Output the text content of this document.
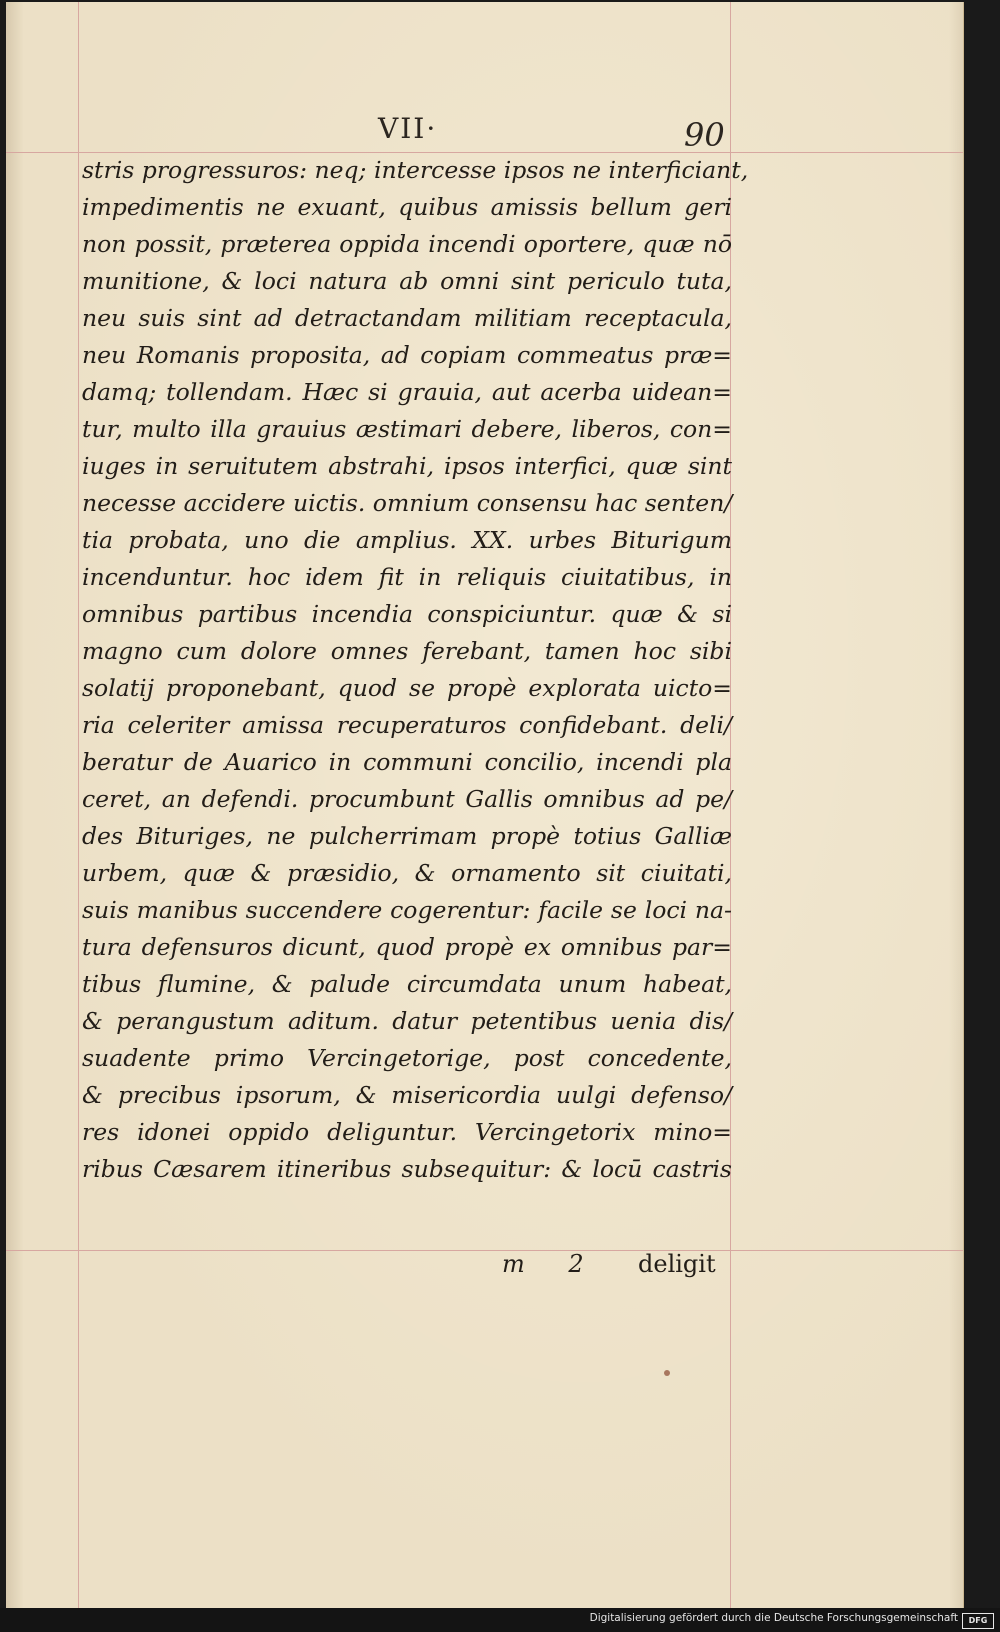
VII·	90
stris progressuros: neq; intercesse ipsos ne interficiant,
impedimentis ne exuant, quibus amissis bellum geri
non possit, prӕterea oppida incendi oportere, quӕ nō
munitione, & loci natura ab omni sint periculo tuta,
neu suis sint ad detractandam militiam receptacula,
neu Romanis proposita, ad copiam commeatus prӕ=
damq; tollendam. Hӕc si grauia, aut acerba uidean=
tur, multo illa grauius ӕstimari debere, liberos, con=
iuges in seruitutem abstrahi, ipsos interfici, quӕ sint
necesse accidere uictis. omnium consensu hac senten/
tia probata, uno die amplius. XX. urbes Biturigum
incenduntur. hoc idem fit in reliquis ciuitatibus, in
omnibus partibus incendia conspiciuntur. quӕ & si
magno cum dolore omnes ferebant, tamen hoc sibi
solatij proponebant, quod se propè explorata uicto=
ria celeriter amissa recuperaturos confidebant. deli/
beratur de Auarico in communi concilio, incendi pla
ceret, an defendi. procumbunt Gallis omnibus ad pe/
des Bituriges, ne pulcherrimam propè totius Galliӕ
urbem, quӕ & prӕsidio, & ornamento sit ciuitati,
suis manibus succendere cogerentur: facile se loci na-
tura defensuros dicunt, quod propè ex omnibus par=
tibus flumine, & palude circumdata unum habeat,
& perangustum aditum. datur petentibus uenia dis/
suadente primo Vercingetorige, post concedente,
& precibus ipsorum, & misericordia uulgi defenso/
res idonei oppido deliguntur. Vercingetorix mino=
ribus Cӕsarem itineribus subsequitur: & locū castris
m 2 deligit
Digitalisierung gefördert durch die Deutsche Forschungsgemeinschaft	DFG
